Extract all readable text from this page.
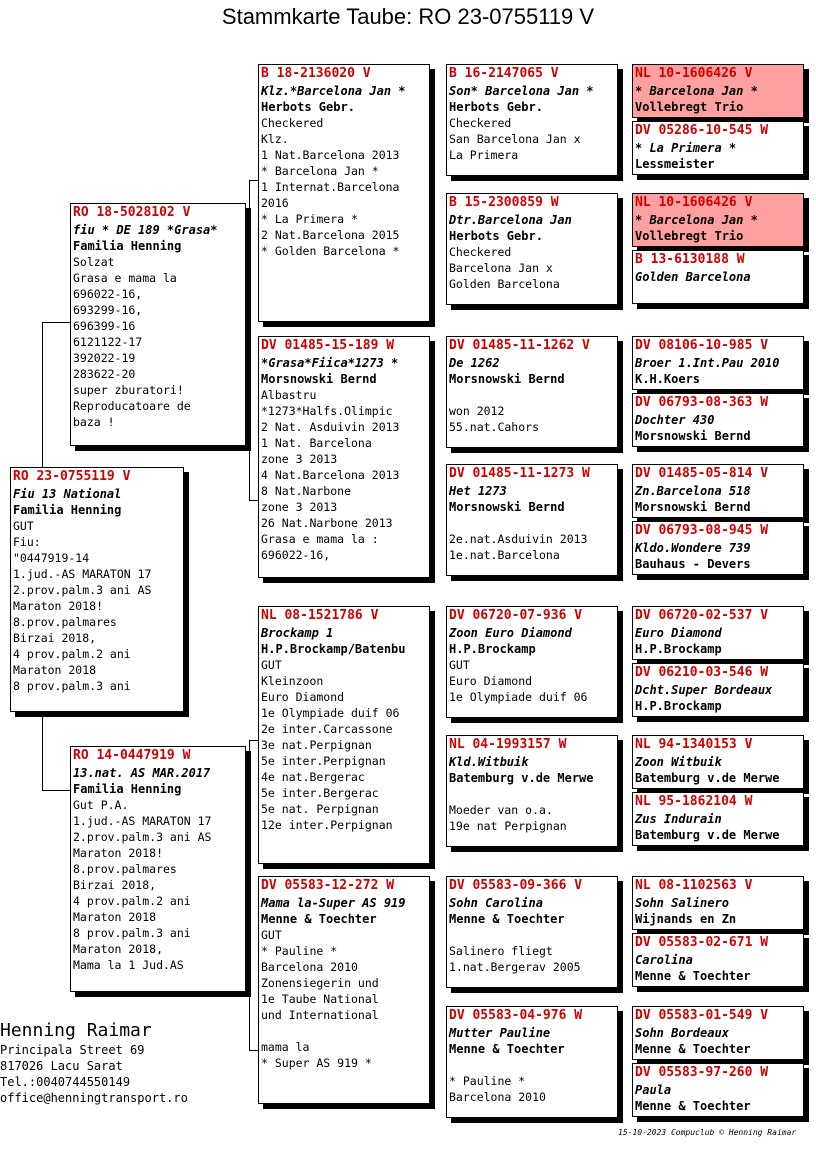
Stammkarte Taube: RO 23-0755119 V
RO 23-0755119 V
Fiu 13 National
Familia Henning
GUT
Fiu:
"0447919-14
1.jud.-AS MARATON 17
2.prov.palm.3 ani AS
Maraton 2018!
8.prov.palmares
Birzai 2018,
4 prov.palm.2 ani
Maraton 2018
8 prov.palm.3 ani
RO 18-5028102 V
fiu * DE 189 *Grasa*
Familia Henning
Solzat
Grasa e mama la
696022-16,
693299-16,
696399-16
6121122-17
392022-19
283622-20
super zburatori!
Reproducatoare de
baza !
RO 14-0447919 W
13.nat. AS MAR.2017
Familia Henning
Gut P.A.
1.jud.-AS MARATON 17
2.prov.palm.3 ani AS
Maraton 2018!
8.prov.palmares
Birzai 2018,
4 prov.palm.2 ani
Maraton 2018
8 prov.palm.3 ani
Maraton 2018,
Mama la 1 Jud.AS
B 18-2136020 V
Klz.*Barcelona Jan *
Herbots Gebr.
Checkered
Klz.
1 Nat.Barcelona 2013
* Barcelona Jan *
1 Internat.Barcelona
2016
* La Primera *
2 Nat.Barcelona 2015
* Golden Barcelona *
DV 01485-15-189 W
*Grasa*Fiica*1273 *
Morsnowski Bernd
Albastru
*1273*Halfs.Olimpic
2 Nat. Asduivin 2013
1 Nat. Barcelona
zone 3 2013
4 Nat.Barcelona 2013
8 Nat.Narbone
zone 3 2013
26 Nat.Narbone 2013
Grasa e mama la :
696022-16,
NL 08-1521786 V
Brockamp 1
H.P.Brockamp/Batenbu
GUT
Kleinzoon
Euro Diamond
1e Olympiade duif 06
2e inter.Carcassone
3e nat.Perpignan
5e inter.Perpignan
4e nat.Bergerac
5e inter.Bergerac
5e nat. Perpignan
12e inter.Perpignan
DV 05583-12-272 W
Mama la-Super AS 919
Menne & Toechter
GUT
* Pauline *
Barcelona 2010
Zonensiegerin und
1e Taube National
und International
mama la
* Super AS 919 *
B 16-2147065 V
Son* Barcelona Jan *
Herbots Gebr.
Checkered
San Barcelona Jan x
La Primera
B 15-2300859 W
Dtr.Barcelona Jan
Herbots Gebr.
Checkered
Barcelona Jan x
Golden Barcelona
DV 01485-11-1262 V
De 1262
Morsnowski Bernd
won 2012
55.nat.Cahors
DV 01485-11-1273 W
Het 1273
Morsnowski Bernd
2e.nat.Asduivin 2013
1e.nat.Barcelona
DV 06720-07-936 V
Zoon Euro Diamond
H.P.Brockamp
GUT
Euro Diamond
1e Olympiade duif 06
NL 04-1993157 W
Kld.Witbuik
Batemburg v.de Merwe
Moeder van o.a.
19e nat Perpignan
DV 05583-09-366 V
Sohn Carolina
Menne & Toechter
Salinero fliegt
1.nat.Bergerav 2005
DV 05583-04-976 W
Mutter Pauline
Menne & Toechter
* Pauline *
Barcelona 2010
NL 10-1606426 V
* Barcelona Jan *
Vollebregt Trio
DV 05286-10-545 W
* La Primera *
Lessmeister
NL 10-1606426 V
* Barcelona Jan *
Vollebregt Trio
B 13-6130188 W
Golden Barcelona
DV 08106-10-985 V
Broer 1.Int.Pau 2010
K.H.Koers
DV 06793-08-363 W
Dochter 430
Morsnowski Bernd
DV 01485-05-814 V
Zn.Barcelona 518
Morsnowski Bernd
DV 06793-08-945 W
Kldo.Wondere 739
Bauhaus - Devers
DV 06720-02-537 V
Euro Diamond
H.P.Brockamp
DV 06210-03-546 W
Dcht.Super Bordeaux
H.P.Brockamp
NL 94-1340153 V
Zoon Witbuik
Batemburg v.de Merwe
NL 95-1862104 W
Zus Indurain
Batemburg v.de Merwe
NL 08-1102563 V
Sohn Salinero
Wijnands en Zn
DV 05583-02-671 W
Carolina
Menne & Toechter
DV 05583-01-549 V
Sohn Bordeaux
Menne & Toechter
DV 05583-97-260 W
Paula
Menne & Toechter
Henning Raimar
Principala Street 69
817026 Lacu Sarat
Tel.:0040744550149
office@henningtransport.ro
15-10-2023 Compuclub © Henning Raimar
